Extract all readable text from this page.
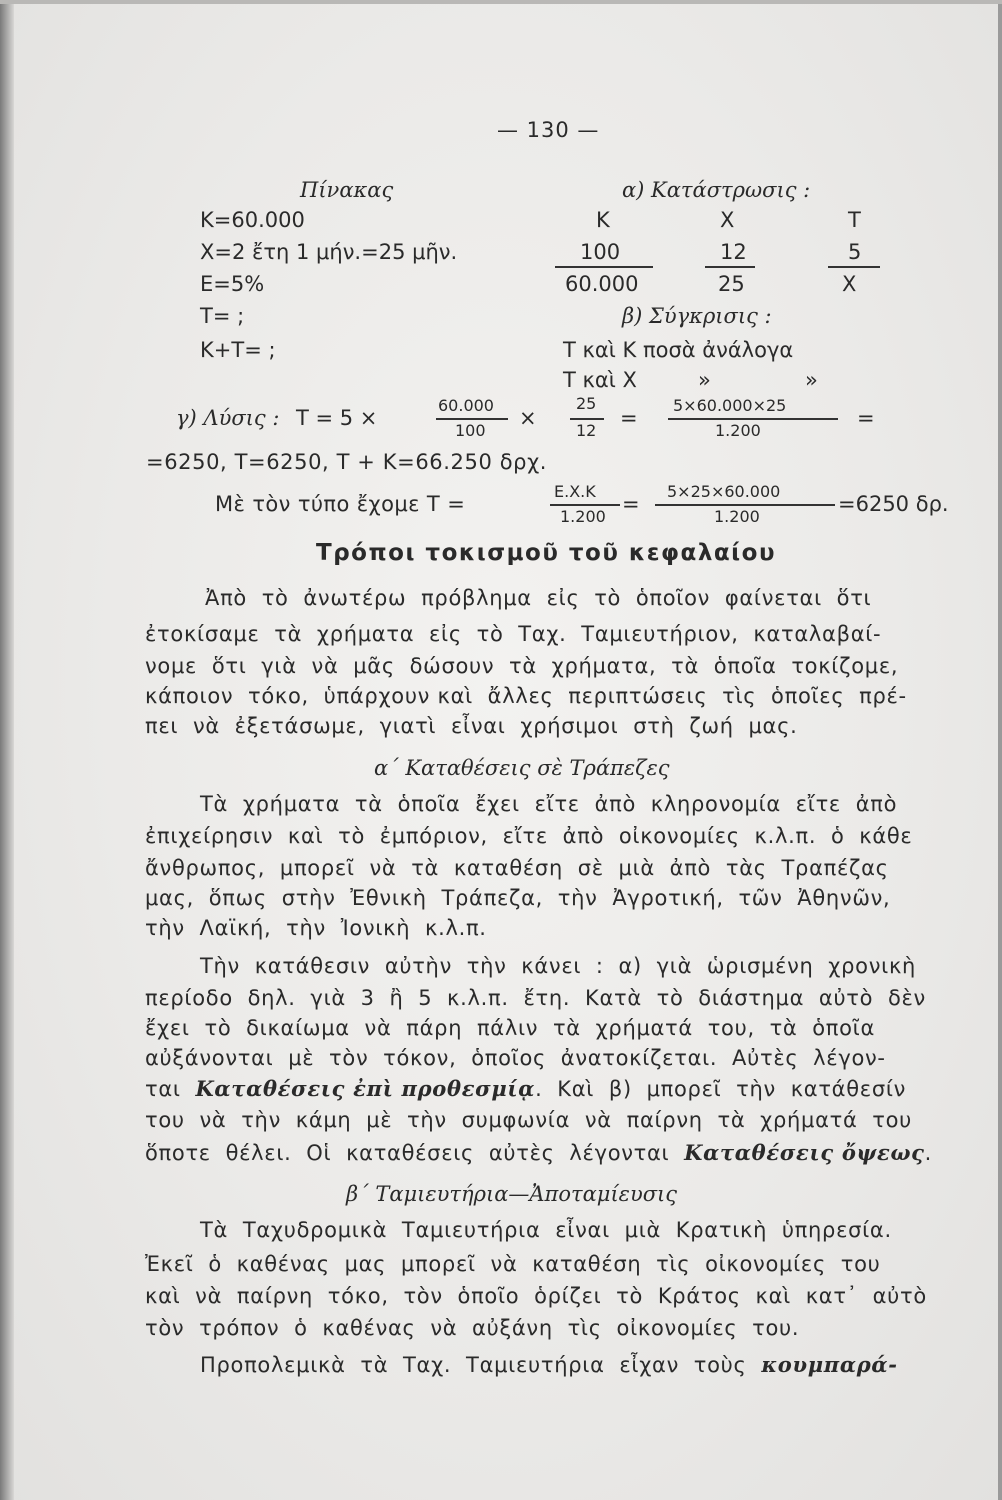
— 130 —
Πίνακας
Κ=60.000
Χ=2 ἔτη 1 μήν.=25 μῆν.
Ε=5%
Τ= ;
Κ+Τ= ;
α) Κατάστρωσις :
Κ	Χ	Τ
100	12	5
60.000	25	Χ
β) Σύγκρισις :
Τ καὶ Κ ποσὰ ἀνάλογα
Τ καὶ Χ	»	»
γ) Λύσις : Τ = 5 ×
60.000
100
×
25
12
=
5×60.000×25
1.200
=
=6250, Τ=6250, Τ + Κ=66.250 δρχ.
Μὲ τὸν τύπο ἔχομε Τ =
Ε.Χ.Κ
1.200
=
5×25×60.000
1.200
=6250 δρ.
Τρόποι τοκισμοῦ τοῦ κεφαλαίου
Ἀπὸ  τὸ  ἀνωτέρω  πρόβλημα  εἰς  τὸ  ὁποῖον  φαίνεται  ὅτι
ἐτοκίσαμε  τὰ  χρήματα  εἰς  τὸ  Ταχ.  Ταμιευτήριον,  καταλαβαί-
νομε  ὅτι  γιὰ  νὰ  μᾶς  δώσουν  τὰ  χρήματα,  τὰ  ὁποῖα  τοκίζομε,
κάποιον  τόκο,  ὑπάρχουν καὶ  ἄλλες  περιπτώσεις  τὶς  ὁποῖες  πρέ-
πει  νὰ  ἐξετάσωμε,  γιατὶ  εἶναι  χρήσιμοι  στὴ  ζωή  μας.
α΄ Καταθέσεις σὲ Τράπεζες
Τὰ  χρήματα  τὰ  ὁποῖα  ἔχει  εἴτε  ἀπὸ  κληρονομία  εἴτε  ἀπὸ
ἐπιχείρησιν  καὶ  τὸ  ἐμπόριον,  εἴτε  ἀπὸ  οἰκονομίες  κ.λ.π.  ὁ  κάθε
ἄνθρωπος,  μπορεῖ  νὰ  τὰ  καταθέση  σὲ  μιὰ  ἀπὸ  τὰς  Τραπέζας
μας,  ὅπως  στὴν  Ἐθνικὴ  Τράπεζα,  τὴν  Ἀγροτική,  τῶν  Ἀθηνῶν,
τὴν  Λαϊκή,  τὴν  Ἰονικὴ  κ.λ.π.
Τὴν  κατάθεσιν  αὐτὴν  τὴν  κάνει  :  α)  γιὰ  ὡρισμένη  χρονικὴ
περίοδο  δηλ.  γιὰ  3  ἢ  5  κ.λ.π.  ἔτη.  Κατὰ  τὸ  διάστημα  αὐτὸ  δὲν
ἔχει  τὸ  δικαίωμα  νὰ  πάρη  πάλιν  τὰ  χρήματά  του,  τὰ  ὁποῖα
αὐξάνονται  μὲ  τὸν  τόκον,  ὁποῖος  ἀνατοκίζεται.  Αὐτὲς  λέγον-
ται Καταθέσεις ἐπὶ προθεσμίᾳ.  Καὶ  β)  μπορεῖ  τὴν  κατάθεσίν
του  νὰ  τὴν  κάμη  μὲ  τὴν  συμφωνία  νὰ  παίρνη  τὰ  χρήματά  του
ὅποτε  θέλει.  Οἱ  καταθέσεις  αὐτὲς  λέγονται Καταθέσεις ὄψεως.
β΄ Ταμιευτήρια—Ἀποταμίευσις
Τὰ  Ταχυδρομικὰ  Ταμιευτήρια  εἶναι  μιὰ  Κρατικὴ  ὑπηρεσία.
Ἐκεῖ  ὁ  καθένας  μας  μπορεῖ  νὰ  καταθέση  τὶς  οἰκονομίες  του
καὶ  νὰ  παίρνη  τόκο,  τὸν  ὁποῖο  ὁρίζει  τὸ  Κράτος  καὶ  κατ᾿  αὐτὸ
τὸν  τρόπον  ὁ  καθένας  νὰ  αὐξάνη  τὶς  οἰκονομίες  του.
Προπολεμικὰ  τὰ  Ταχ.  Ταμιευτήρια  εἶχαν  τοὺς κουμπαρά-
